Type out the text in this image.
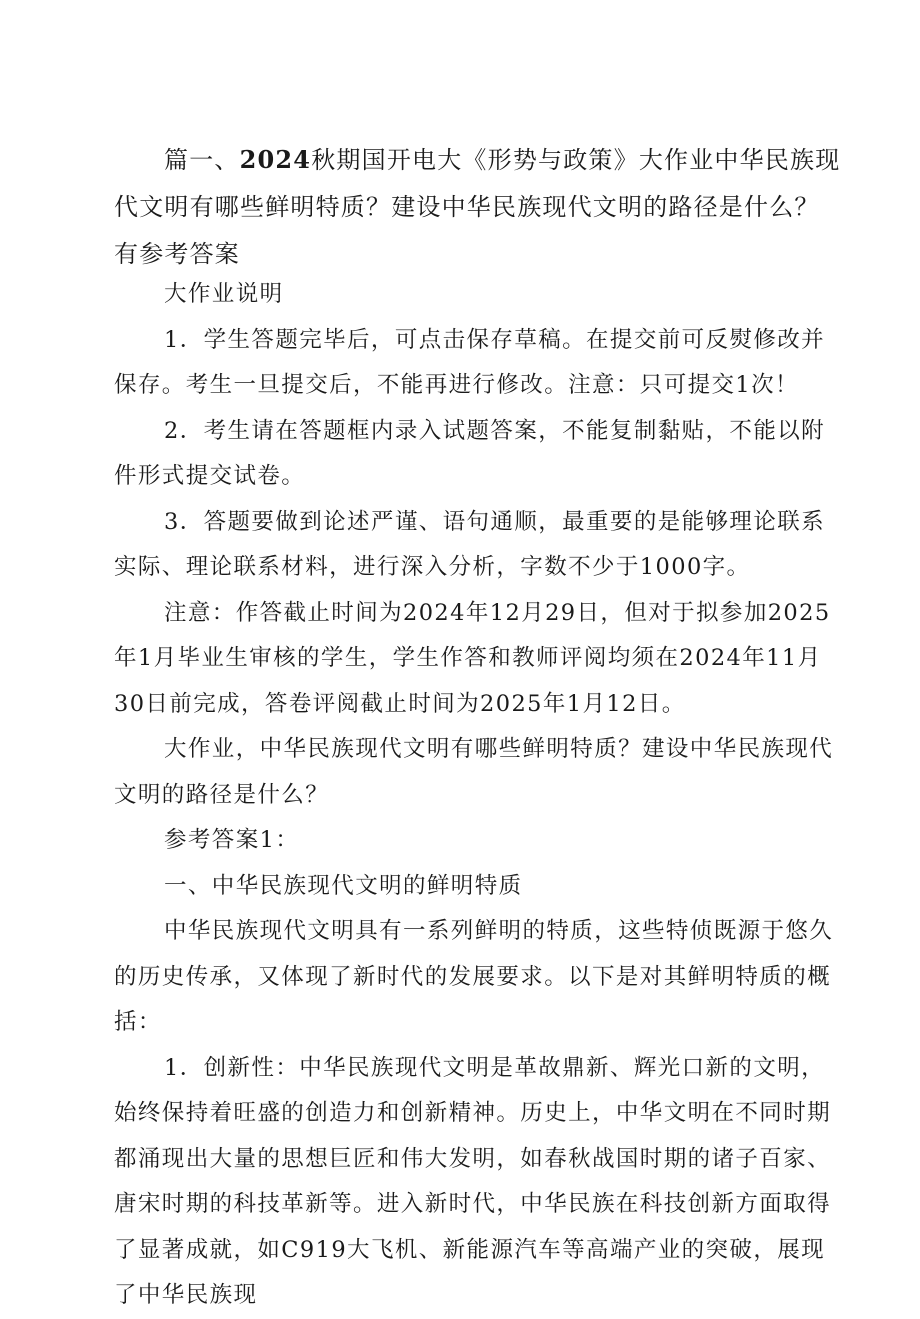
篇一、2024秋期国开电大《形势与政策》大作业中华民族现代文明有哪些鲜明特质？建设中华民族现代文明的路径是什么？有参考答案

大作业说明

1．学生答题完毕后，可点击保存草稿。在提交前可反熨修改并保存。考生一旦提交后，不能再进行修改。注意：只可提交1次！

2．考生请在答题框内录入试题答案，不能复制黏贴，不能以附件形式提交试卷。

3．答题要做到论述严谨、语句通顺，最重要的是能够理论联系实际、理论联系材料，进行深入分析，字数不少于1000字。

注意：作答截止时间为2024年12月29日，但对于拟参加2025年1月毕业生审核的学生，学生作答和教师评阅均须在2024年11月30日前完成，答卷评阅截止时间为2025年1月12日。

大作业，中华民族现代文明有哪些鲜明特质？建设中华民族现代文明的路径是什么？

参考答案1：

一、中华民族现代文明的鲜明特质

中华民族现代文明具有一系列鲜明的特质，这些特侦既源于悠久的历史传承，又体现了新时代的发展要求。以下是对其鲜明特质的概括：

1．创新性：中华民族现代文明是革故鼎新、辉光口新的文明，始终保持着旺盛的创造力和创新精神。历史上，中华文明在不同时期都涌现出大量的思想巨匠和伟大发明，如春秋战国时期的诸子百家、唐宋时期的科技革新等。进入新时代，中华民族在科技创新方面取得了显著成就，如C919大飞机、新能源汽车等高端产业的突破，展现了中华民族现
